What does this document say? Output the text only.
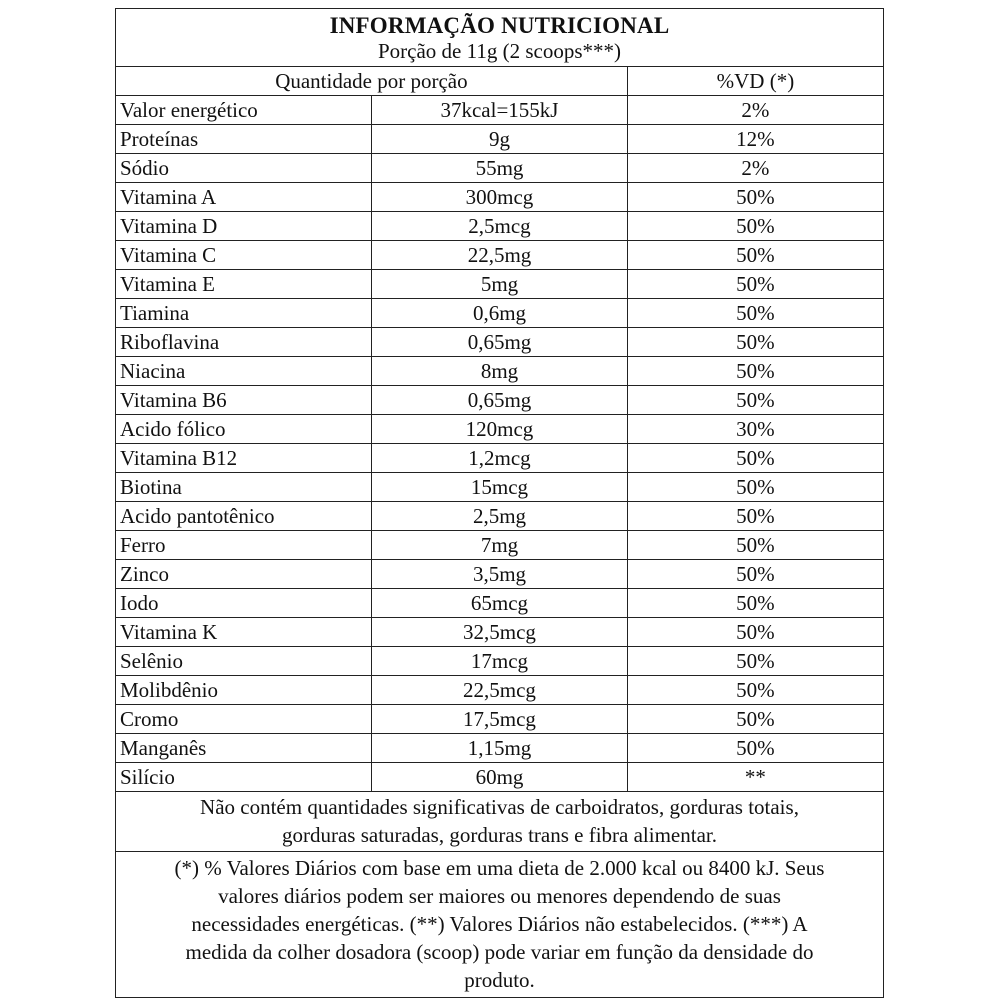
INFORMAÇÃO NUTRICIONAL
Porção de 11g (2 scoops***)
Quantidade por porção		%VD (*)
Valor energético	37kcal=155kJ	2%
Proteínas	9g	12%
Sódio	55mg	2%
Vitamina A	300mcg	50%
Vitamina D	2,5mcg	50%
Vitamina C	22,5mg	50%
Vitamina E	5mg	50%
Tiamina	0,6mg	50%
Riboflavina	0,65mg	50%
Niacina	8mg	50%
Vitamina B6	0,65mg	50%
Acido fólico	120mcg	30%
Vitamina B12	1,2mcg	50%
Biotina	15mcg	50%
Acido pantotênico	2,5mg	50%
Ferro	7mg	50%
Zinco	3,5mg	50%
Iodo	65mcg	50%
Vitamina K	32,5mcg	50%
Selênio	17mcg	50%
Molibdênio	22,5mcg	50%
Cromo	17,5mcg	50%
Manganês	1,15mg	50%
Silício	60mg	**
Não contém quantidades significativas de carboidratos, gorduras totais,
gorduras saturadas, gorduras trans e fibra alimentar.
(*) % Valores Diários com base em uma dieta de 2.000 kcal ou 8400 kJ. Seus
valores diários podem ser maiores ou menores dependendo de suas
necessidades energéticas. (**) Valores Diários não estabelecidos. (***) A
medida da colher dosadora (scoop) pode variar em função da densidade do
produto.
